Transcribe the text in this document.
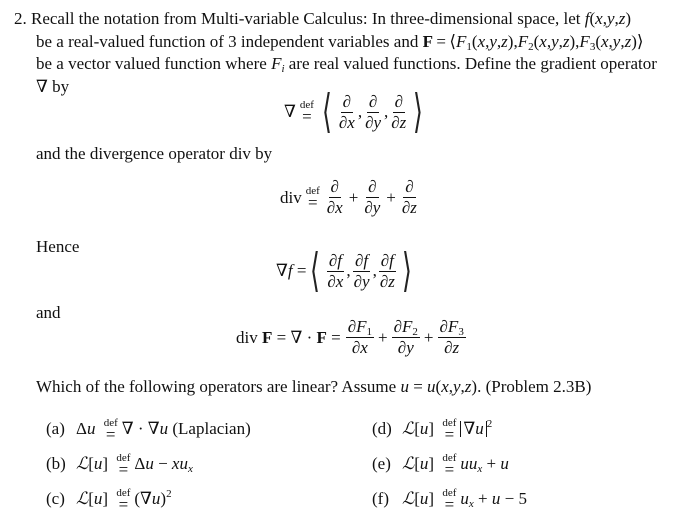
2. Recall the notation from Multi-variable Calculus: In three-dimensional space, let f(x,y,z)

be a real-valued function of 3 independent variables and $F = ⟨F_1(x,y,z),F_2(x,y,z),F_3(x,y,z)⟩$

be a vector valued function where $F_i$ are real valued functions. Define the gradient operator

∇ by

∇ def
= ⟨ $\frac{\partial}{\partial x}$ , $\frac{\partial}{\partial y}$ , $\frac{\partial}{\partial z}$ ⟩
and the divergence operator div by
div def
= $\frac{\partial}{\partial x} + \frac{\partial}{\partial y} + \frac{\partial}{\partial z}$
Hence
∇f = ⟨ $\frac{\partial f}{\partial x}$ , $\frac{\partial f}{\partial y}$ , $\frac{\partial f}{\partial z}$ ⟩
and
div F = ∇ · $F = \frac{\partial F_1}{\partial x} + \frac{\partial F_2}{\partial y} + \frac{\partial F_3}{\partial z}$
Which of the following operators are linear? Assume u = u(x,y,z). (Problem 2.3B)
(a) Δu def
= ∇ · ∇u (Laplacian)
(b) ℒ[u] def
= $\Delta u - xu_x$
(c) ℒ[u] def
= $(\nabla u)^2$
(d) ℒ[u] def
= ∇u $^2$
(e) ℒ[u] def
= $uu_x + u$
(f) ℒ[u] def
= $u_x + u - 5$
